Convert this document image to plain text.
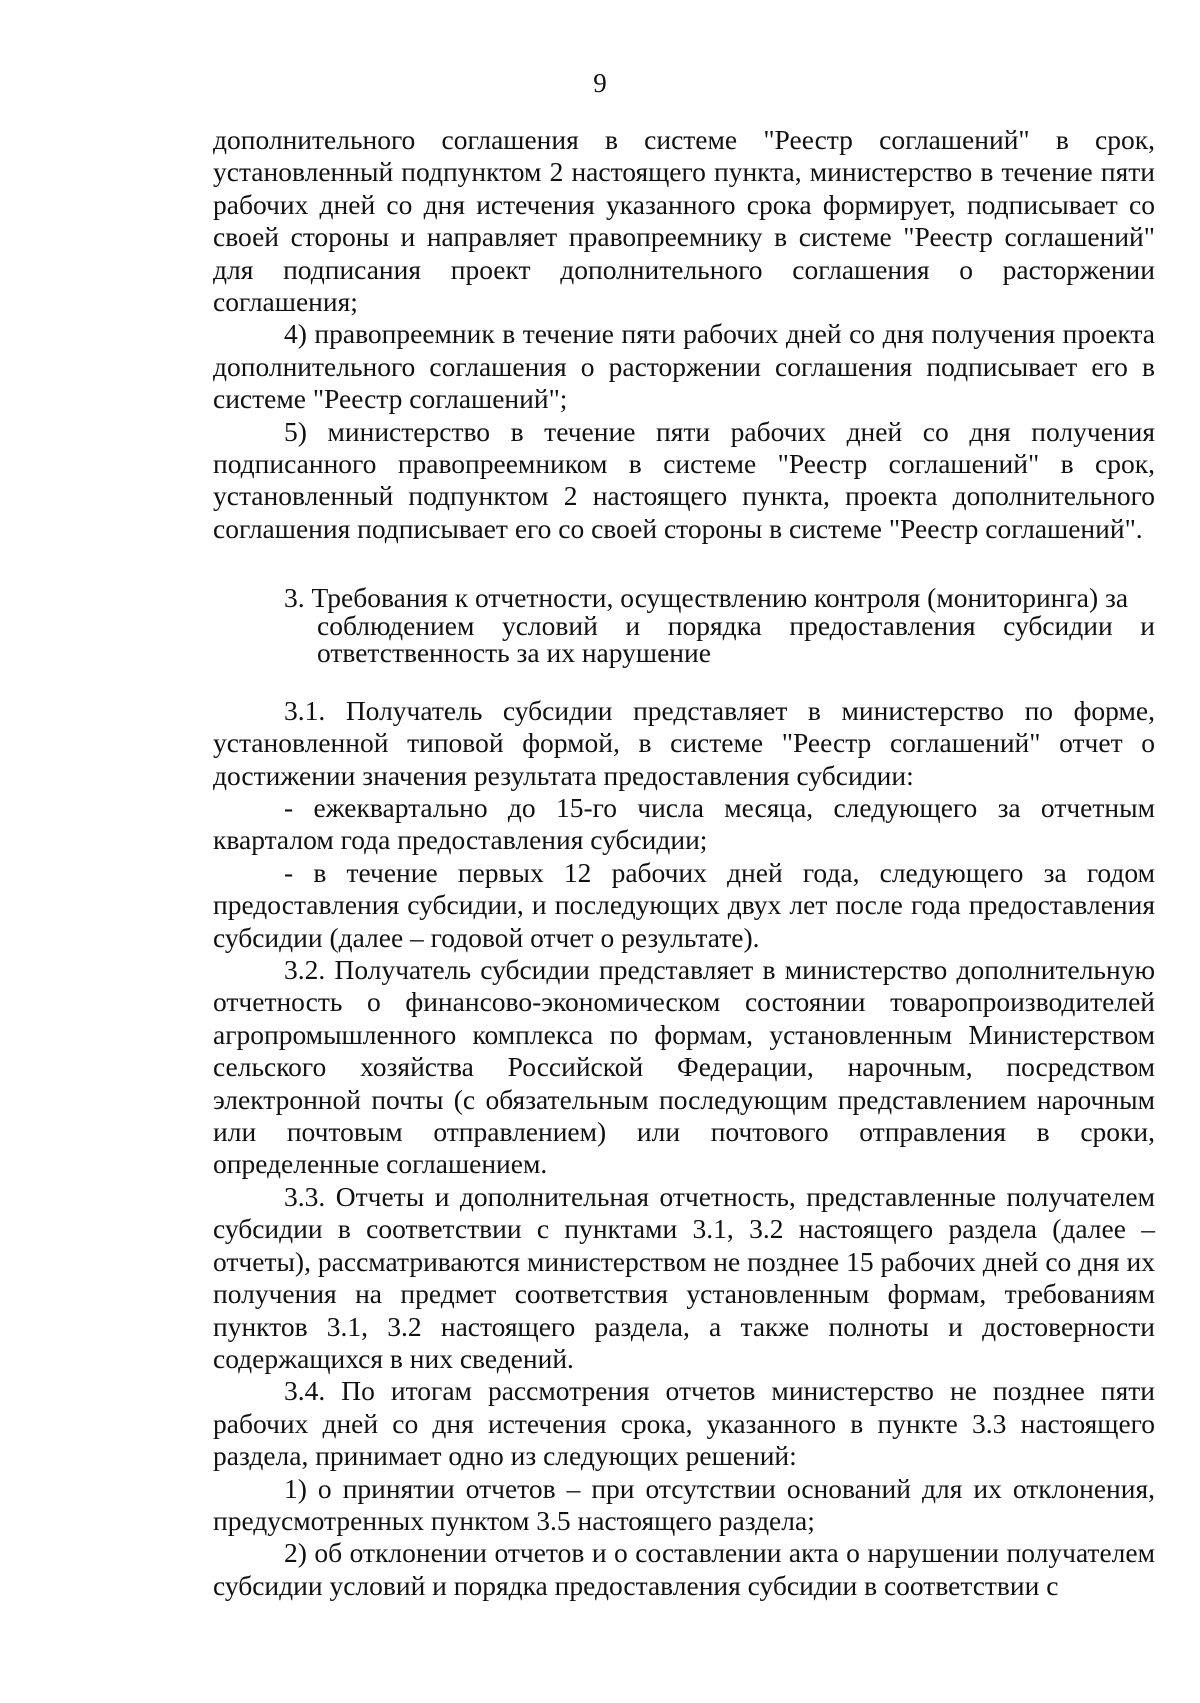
9

дополнительного соглашения в системе "Реестр соглашений" в срок, установленный подпунктом 2 настоящего пункта, министерство в течение пяти рабочих дней со дня истечения указанного срока формирует, подписывает со своей стороны и направляет правопреемнику в системе "Реестр соглашений" для подписания проект дополнительного соглашения о расторжении соглашения;

4) правопреемник в течение пяти рабочих дней со дня получения проекта дополнительного соглашения о расторжении соглашения подписывает его в системе "Реестр соглашений";

5) министерство в течение пяти рабочих дней со дня получения подписанного правопреемником в системе "Реестр соглашений" в срок, установленный подпунктом 2 настоящего пункта, проекта дополнительного соглашения подписывает его со своей стороны в системе "Реестр соглашений".

3. Требования к отчетности, осуществлению контроля (мониторинга) за
соблюдением условий и порядка предоставления субсидии и ответственность за их нарушение

3.1. Получатель субсидии представляет в министерство по форме, установленной типовой формой, в системе "Реестр соглашений" отчет о достижении значения результата предоставления субсидии:

- ежеквартально до 15-го числа месяца, следующего за отчетным кварталом года предоставления субсидии;

- в течение первых 12 рабочих дней года, следующего за годом предоставления субсидии, и последующих двух лет после года предоставления субсидии (далее – годовой отчет о результате).

3.2. Получатель субсидии представляет в министерство дополнительную отчетность о финансово-экономическом состоянии товаропроизводителей агропромышленного комплекса по формам, установленным Министерством сельского хозяйства Российской Федерации, нарочным, посредством электронной почты (с обязательным последующим представлением нарочным или почтовым отправлением) или почтового отправления в сроки, определенные соглашением.

3.3. Отчеты и дополнительная отчетность, представленные получателем субсидии в соответствии с пунктами 3.1, 3.2 настоящего раздела (далее – отчеты), рассматриваются министерством не позднее 15 рабочих дней со дня их получения на предмет соответствия установленным формам, требованиям пунктов 3.1, 3.2 настоящего раздела, а также полноты и достоверности содержащихся в них сведений.

3.4. По итогам рассмотрения отчетов министерство не позднее пяти рабочих дней со дня истечения срока, указанного в пункте 3.3 настоящего раздела, принимает одно из следующих решений:

1) о принятии отчетов – при отсутствии оснований для их отклонения, предусмотренных пунктом 3.5 настоящего раздела;

2) об отклонении отчетов и о составлении акта о нарушении получателем субсидии условий и порядка предоставления субсидии в соответствии с
